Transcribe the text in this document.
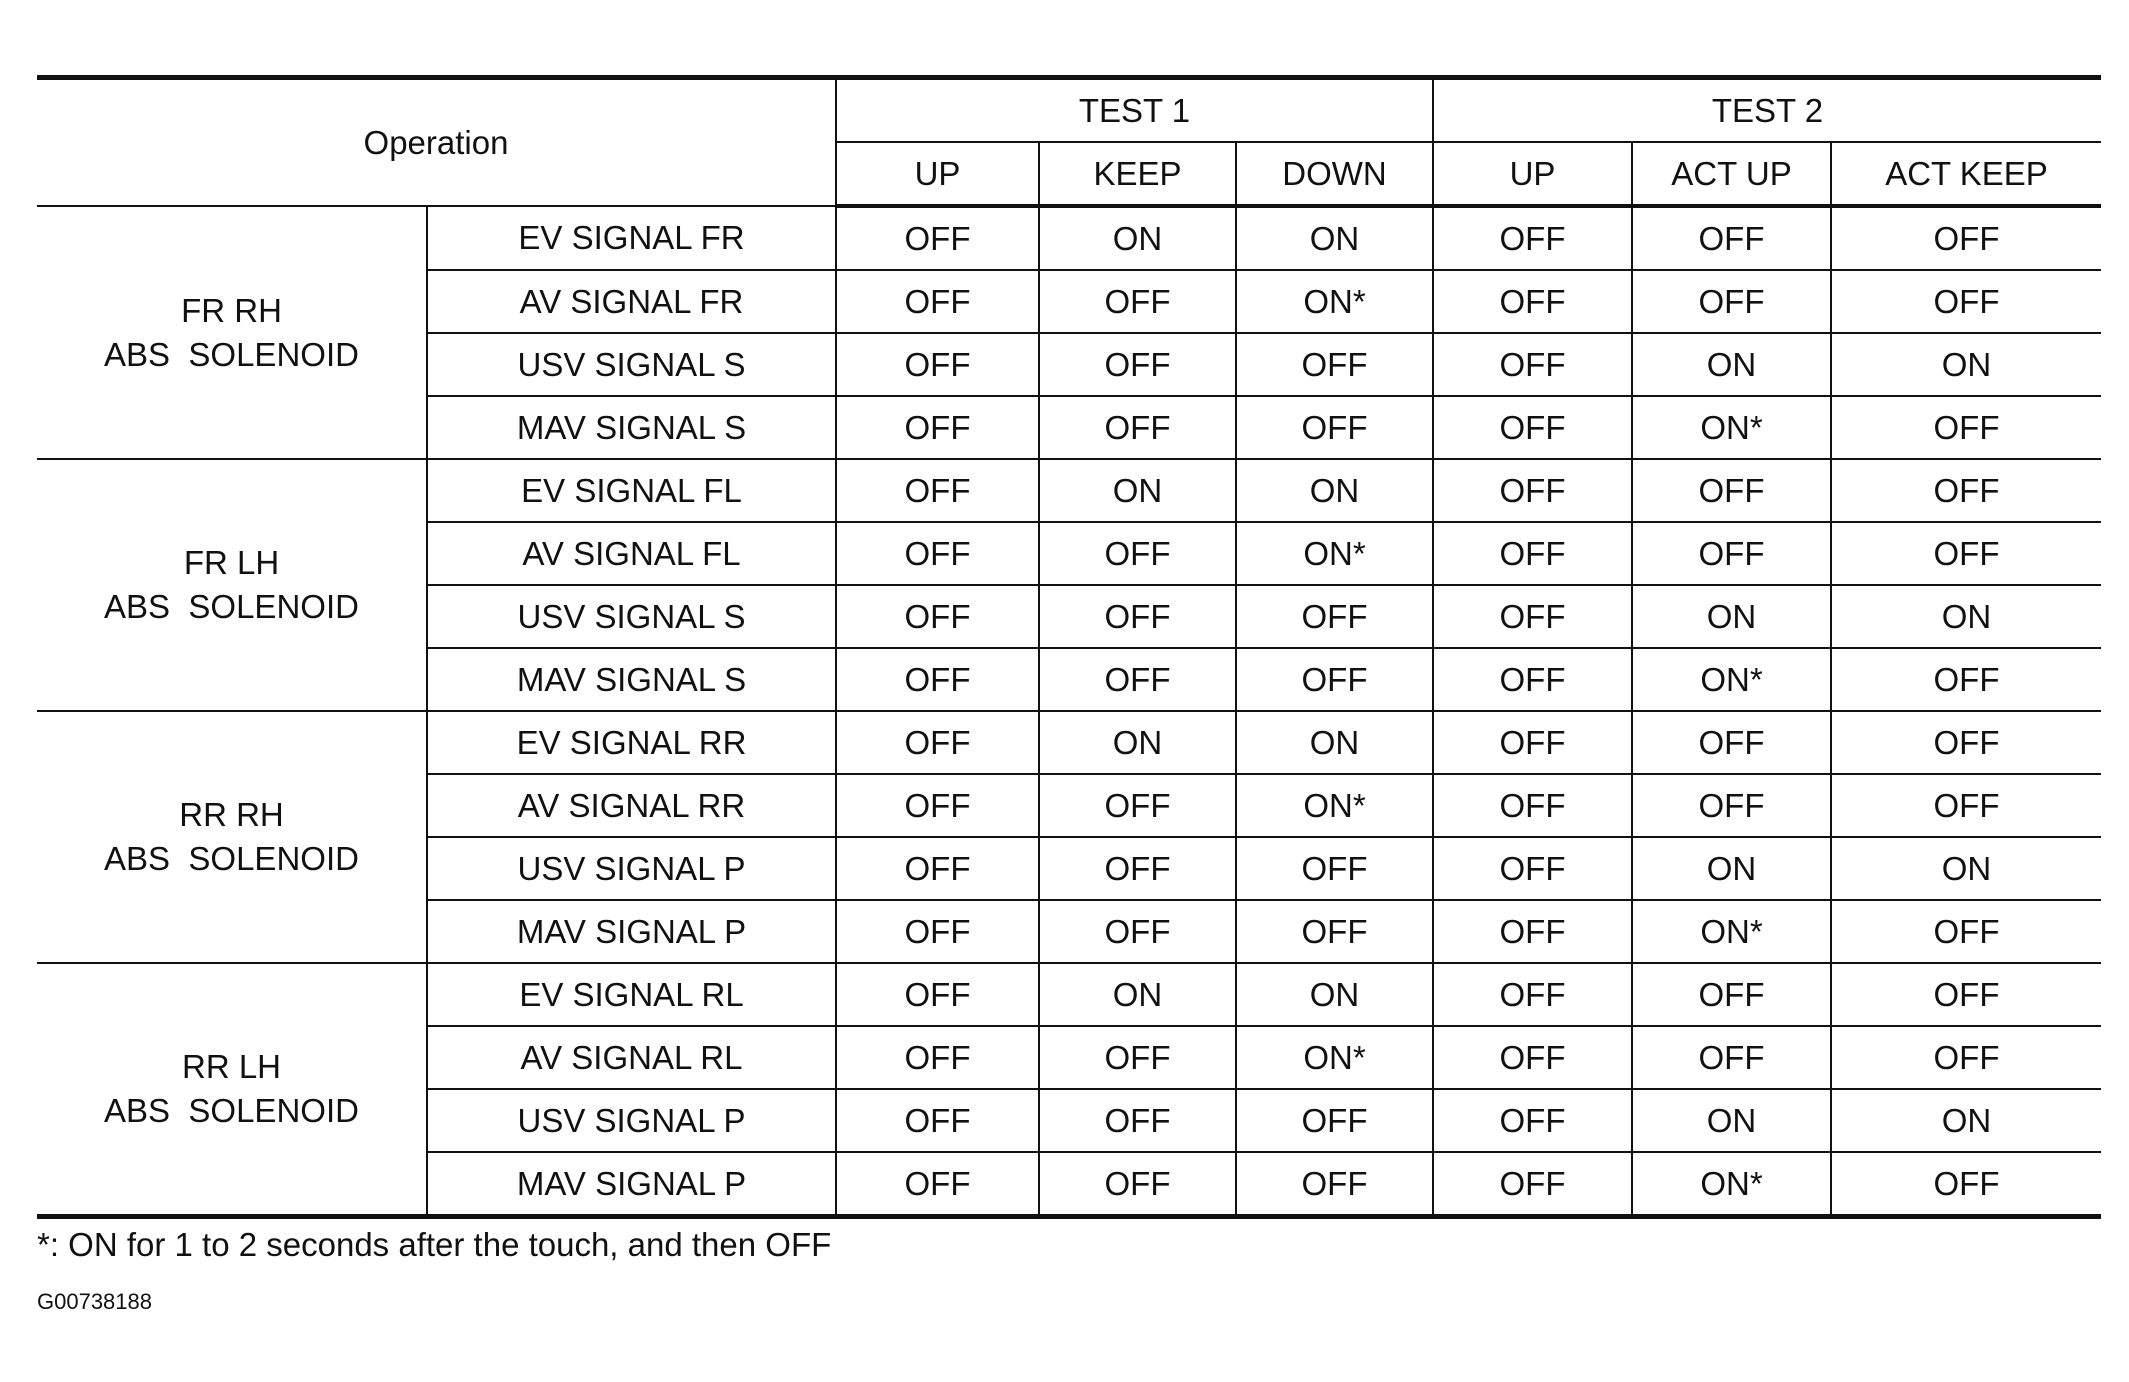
Operation		TEST 1			TEST 2		
		UP	KEEP	DOWN	UP	ACT UP	ACT KEEP

FR RH
ABS  SOLENOID	EV SIGNAL FR	OFF	ON	ON	OFF	OFF	OFF
	AV SIGNAL FR	OFF	OFF	ON*	OFF	OFF	OFF
	USV SIGNAL S	OFF	OFF	OFF	OFF	ON	ON
	MAV SIGNAL S	OFF	OFF	OFF	OFF	ON*	OFF

FR LH
ABS  SOLENOID	EV SIGNAL FL	OFF	ON	ON	OFF	OFF	OFF
	AV SIGNAL FL	OFF	OFF	ON*	OFF	OFF	OFF
	USV SIGNAL S	OFF	OFF	OFF	OFF	ON	ON
	MAV SIGNAL S	OFF	OFF	OFF	OFF	ON*	OFF

RR RH
ABS  SOLENOID	EV SIGNAL RR	OFF	ON	ON	OFF	OFF	OFF
	AV SIGNAL RR	OFF	OFF	ON*	OFF	OFF	OFF
	USV SIGNAL P	OFF	OFF	OFF	OFF	ON	ON
	MAV SIGNAL P	OFF	OFF	OFF	OFF	ON*	OFF

RR LH
ABS  SOLENOID	EV SIGNAL RL	OFF	ON	ON	OFF	OFF	OFF
	AV SIGNAL RL	OFF	OFF	ON*	OFF	OFF	OFF
	USV SIGNAL P	OFF	OFF	OFF	OFF	ON	ON
	MAV SIGNAL P	OFF	OFF	OFF	OFF	ON*	OFF
*: ON for 1 to 2 seconds after the touch, and then OFF
G00738188
